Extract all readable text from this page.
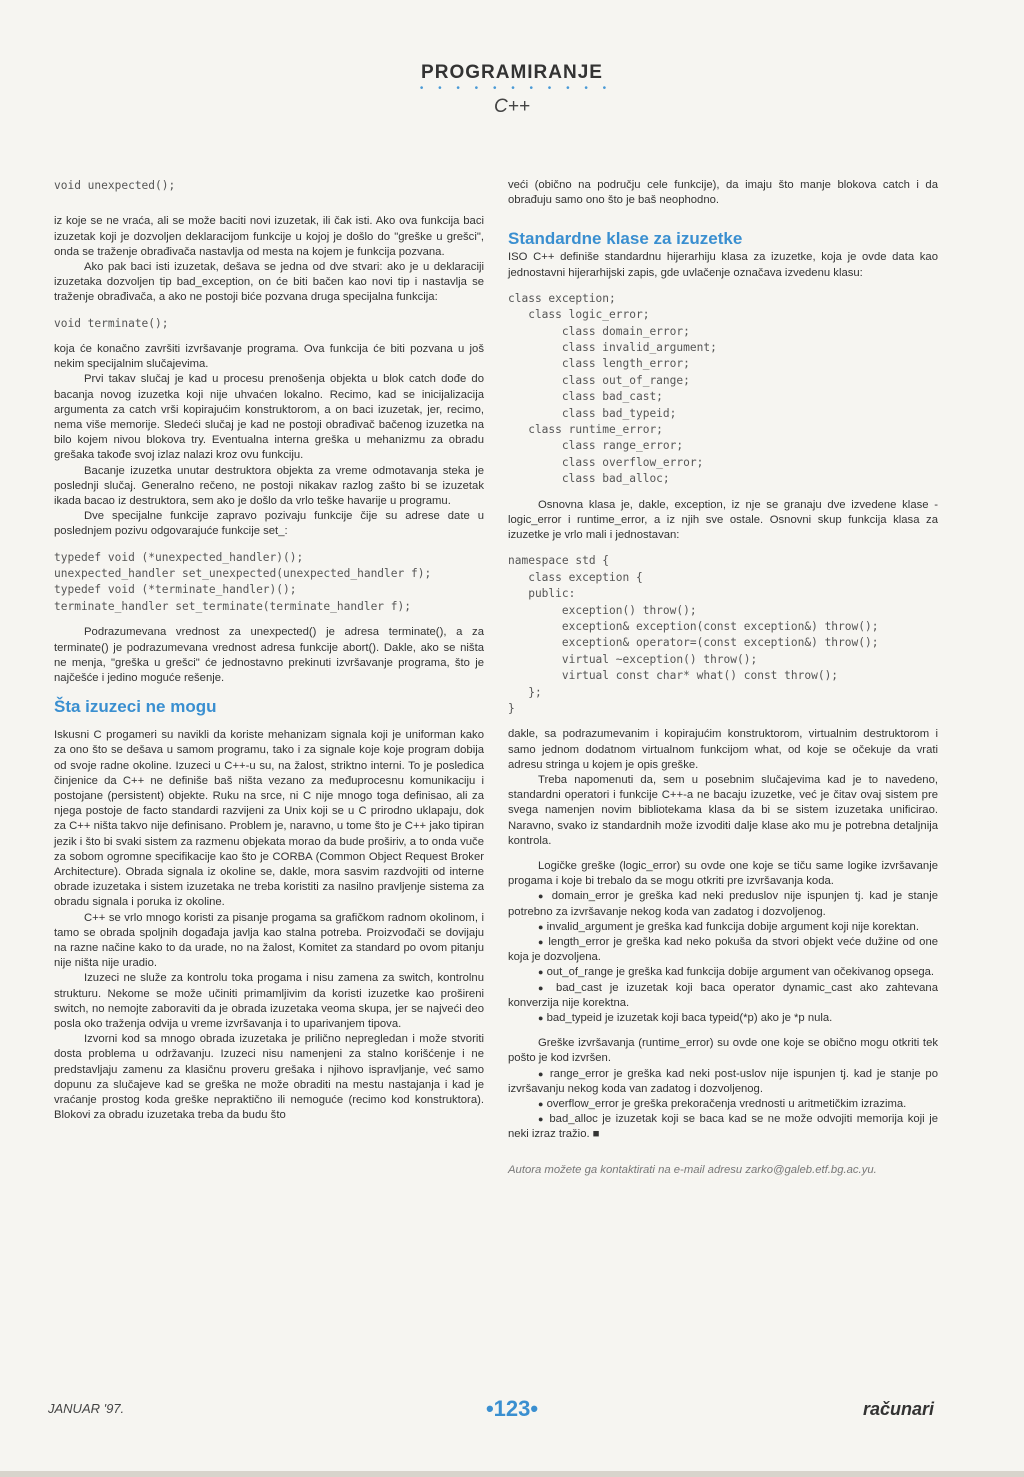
PROGRAMIRANJE
• • • • • • • • • • •
C++
void unexpected();

iz koje se ne vraća, ali se može baciti novi izuzetak, ili čak isti. Ako ova funkcija baci izuzetak koji je dozvoljen deklaracijom funkcije u kojoj je došlo do "greške u grešci", onda se traženje obrađivača nastavlja od mesta na kojem je funkcija pozvana.

Ako pak baci isti izuzetak, dešava se jedna od dve stvari: ako je u deklaraciji izuzetaka dozvoljen tip bad_exception, on će biti bačen kao novi tip i nastavlja se traženje obrađivača, a ako ne postoji biće pozvana druga specijalna funkcija:

void terminate();

koja će konačno završiti izvršavanje programa. Ova funkcija će biti pozvana u još nekim specijalnim slučajevima.

Prvi takav slučaj je kad u procesu prenošenja objekta u blok catch dođe do bacanja novog izuzetka koji nije uhvaćen lokalno. Recimo, kad se inicijalizacija argumenta za catch vrši kopirajućim konstruktorom, a on baci izuzetak, jer, recimo, nema više memorije. Sledeći slučaj je kad ne postoji obrađivač bačenog izuzetka na bilo kojem nivou blokova try. Eventualna interna greška u mehanizmu za obradu grešaka takođe svoj izlaz nalazi kroz ovu funkciju.

Bacanje izuzetka unutar destruktora objekta za vreme odmotavanja steka je poslednji slučaj. Generalno rečeno, ne postoji nikakav razlog zašto bi se izuzetak ikada bacao iz destruktora, sem ako je došlo da vrlo teške havarije u programu.

Dve specijalne funkcije zapravo pozivaju funkcije čije su adrese date u poslednjem pozivu odgovarajuće funkcije set_:

typedef void (*unexpected_handler)();
unexpected_handler set_unexpected(unexpected_handler f);
typedef void (*terminate_handler)();
terminate_handler set_terminate(terminate_handler f);

Podrazumevana vrednost za unexpected() je adresa terminate(), a za terminate() je podrazumevana vrednost adresa funkcije abort(). Dakle, ako se ništa ne menja, "greška u grešci" će jednostavno prekinuti izvršavanje programa, što je najčešće i jedino moguće rešenje.

Šta izuzeci ne mogu

Iskusni C progameri su navikli da koriste mehanizam signala koji je uniforman kako za ono što se dešava u samom programu, tako i za signale koje koje program dobija od svoje radne okoline. Izuzeci u C++-u su, na žalost, striktno interni. To je posledica činjenice da C++ ne definiše baš ništa vezano za međuprocesnu komunikaciju i postojane (persistent) objekte. Ruku na srce, ni C nije mnogo toga definisao, ali za njega postoje de facto standardi razvijeni za Unix koji se u C prirodno uklapaju, dok za C++ ništa takvo nije definisano. Problem je, naravno, u tome što je C++ jako tipiran jezik i što bi svaki sistem za razmenu objekata morao da bude proširiv, a to onda vuče za sobom ogromne specifikacije kao što je CORBA (Common Object Request Broker Architecture). Obrada signala iz okoline se, dakle, mora sasvim razdvojiti od interne obrade izuzetaka i sistem izuzetaka ne treba koristiti za nasilno pravljenje sistema za obradu signala i poruka iz okoline.

C++ se vrlo mnogo koristi za pisanje progama sa grafičkom radnom okolinom, i tamo se obrada spoljnih događaja javlja kao stalna potreba. Proizvođači se dovijaju na razne načine kako to da urade, no na žalost, Komitet za standard po ovom pitanju nije ništa nije uradio.

Izuzeci ne služe za kontrolu toka progama i nisu zamena za switch, kontrolnu strukturu. Nekome se može učiniti primamljivim da koristi izuzetke kao prošireni switch, no nemojte zaboraviti da je obrada izuzetaka veoma skupa, jer se najveći deo posla oko traženja odvija u vreme izvršavanja i to uparivanjem tipova.

Izvorni kod sa mnogo obrada izuzetaka je prilično nepregledan i može stvoriti dosta problema u održavanju. Izuzeci nisu namenjeni za stalno korišćenje i ne predstavljaju zamenu za klasičnu proveru grešaka i njihovo ispravljanje, već samo dopunu za slučajeve kad se greška ne može obraditi na mestu nastajanja i kad je vraćanje prostog koda greške nepraktično ili nemoguće (recimo kod konstruktora). Blokovi za obradu izuzetaka treba da budu što

veći (obično na području cele funkcije), da imaju što manje blokova catch i da obrađuju samo ono što je baš neophodno.

Standardne klase za izuzetke

ISO C++ definiše standardnu hijerarhiju klasa za izuzetke, koja je ovde data kao jednostavni hijerarhijski zapis, gde uvlačenje označava izvedenu klasu:

class exception;
class logic_error;
class domain_error;
class invalid_argument;
class length_error;
class out_of_range;
class bad_cast;
class bad_typeid;
class runtime_error;
class range_error;
class overflow_error;
class bad_alloc;

Osnovna klasa je, dakle, exception, iz nje se granaju dve izvedene klase - logic_error i runtime_error, a iz njih sve ostale. Osnovni skup funkcija klasa za izuzetke je vrlo mali i jednostavan:

namespace std {
class exception {
public:
exception() throw();
exception& exception(const exception&) throw();
exception& operator=(const exception&) throw();
virtual ~exception() throw();
virtual const char* what() const throw();
};
}

dakle, sa podrazumevanim i kopirajućim konstruktorom, virtualnim destruktorom i samo jednom dodatnom virtualnom funkcijom what, od koje se očekuje da vrati adresu stringa u kojem je opis greške.

Treba napomenuti da, sem u posebnim slučajevima kad je to navedeno, standardni operatori i funkcije C++-a ne bacaju izuzetke, već je čitav ovaj sistem pre svega namenjen novim bibliotekama klasa da bi se sistem izuzetaka unificirao. Naravno, svako iz standardnih može izvoditi dalje klase ako mu je potrebna detaljnija kontrola.

Logičke greške (logic_error) su ovde one koje se tiču same logike izvršavanje progama i koje bi trebalo da se mogu otkriti pre izvršavanja koda.

● domain_error je greška kad neki preduslov nije ispunjen tj. kad je stanje potrebno za izvršavanje nekog koda van zadatog i dozvoljenog.
● invalid_argument je greška kad funkcija dobije argument koji nije korektan.
● length_error je greška kad neko pokuša da stvori objekt veće dužine od one koja je dozvoljena.
● out_of_range je greška kad funkcija dobije argument van očekivanog opsega.
● bad_cast je izuzetak koji baca operator dynamic_cast ako zahtevana konverzija nije korektna.
● bad_typeid je izuzetak koji baca typeid(*p) ako je *p nula.

Greške izvršavanja (runtime_error) su ovde one koje se obično mogu otkriti tek pošto je kod izvršen.

● range_error je greška kad neki post-uslov nije ispunjen tj. kad je stanje po izvršavanju nekog koda van zadatog i dozvoljenog.
● overflow_error je greška prekoračenja vrednosti u aritmetičkim izrazima.
● bad_alloc je izuzetak koji se baca kad se ne može odvojiti memorija koji je neki izraz tražio. ■

Autora možete ga kontaktirati na e-mail adresu zarko@galeb.etf.bg.ac.yu.

JANUAR '97.	•123•	računari
